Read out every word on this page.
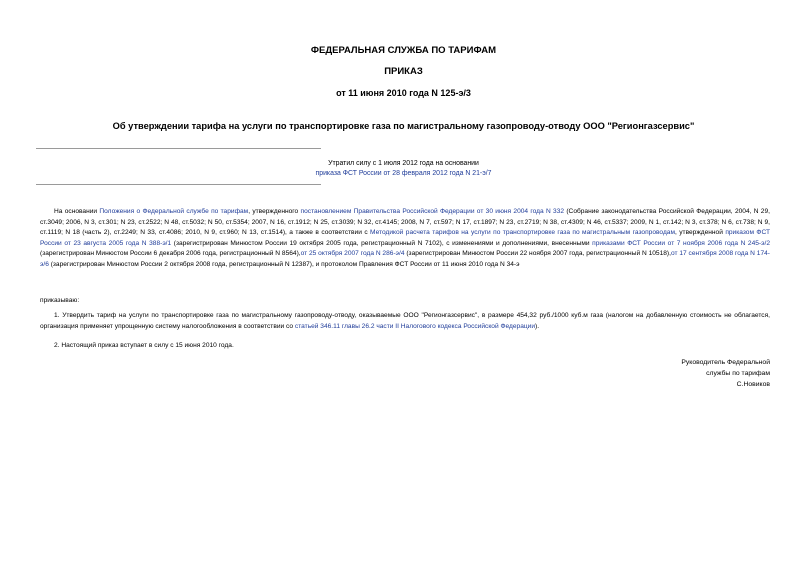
ФЕДЕРАЛЬНАЯ СЛУЖБА ПО ТАРИФАМ
ПРИКАЗ
от 11 июня 2010 года N 125-э/3
Об утверждении тарифа на услуги по транспортировке газа по магистральному газопроводу-отводу ООО "Регионгазсервис"
Утратил силу с 1 июля 2012 года на основании
приказа ФСТ России от 28 февраля 2012 года N 21-э/7
На основании Положения о Федеральной службе по тарифам, утвержденного постановлением Правительства Российской Федерации от 30 июня 2004 года N 332 (Собрание законодательства Российской Федерации, 2004, N 29, ст.3049; 2006, N 3, ст.301; N 23, ст.2522; N 48, ст.5032; N 50, ст.5354; 2007, N 16, ст.1912; N 25, ст.3039; N 32, ст.4145; 2008, N 7, ст.597; N 17, ст.1897; N 23, ст.2719; N 38, ст.4309; N 46, ст.5337; 2009, N 1, ст.142; N 3, ст.378; N 6, ст.738; N 9, ст.1119; N 18 (часть 2), ст.2249; N 33, ст.4086; 2010, N 9, ст.960; N 13, ст.1514), а также в соответствии с Методикой расчета тарифов на услуги по транспортировке газа по магистральным газопроводам, утвержденной приказом ФСТ России от 23 августа 2005 года N 388-э/1 (зарегистрирован Минюстом России 19 октября 2005 года, регистрационный N 7102), с изменениями и дополнениями, внесенными приказами ФСТ России от 7 ноября 2006 года N 245-э/2 (зарегистрирован Минюстом России 6 декабря 2006 года, регистрационный N 8564),от 25 октября 2007 года N 286-э/4 (зарегистрирован Минюстом России 22 ноября 2007 года, регистрационный N 10518),от 17 сентября 2008 года N 174-э/6 (зарегистрирован Минюстом России 2 октября 2008 года, регистрационный N 12387), и протоколом Правления ФСТ России от 11 июня 2010 года N 34-э
приказываю:
1. Утвердить тариф на услуги по транспортировке газа по магистральному газопроводу-отводу, оказываемые ООО "Регионгазсервис", в размере 454,32 руб./1000 куб.м газа (налогом на добавленную стоимость не облагается, организация применяет упрощенную систему налогообложения в соответствии со статьей 346.11 главы 26.2 части II Налогового кодекса Российской Федерации).
2. Настоящий приказ вступает в силу с 15 июня 2010 года.
Руководитель Федеральной
службы по тарифам
С.Новиков
